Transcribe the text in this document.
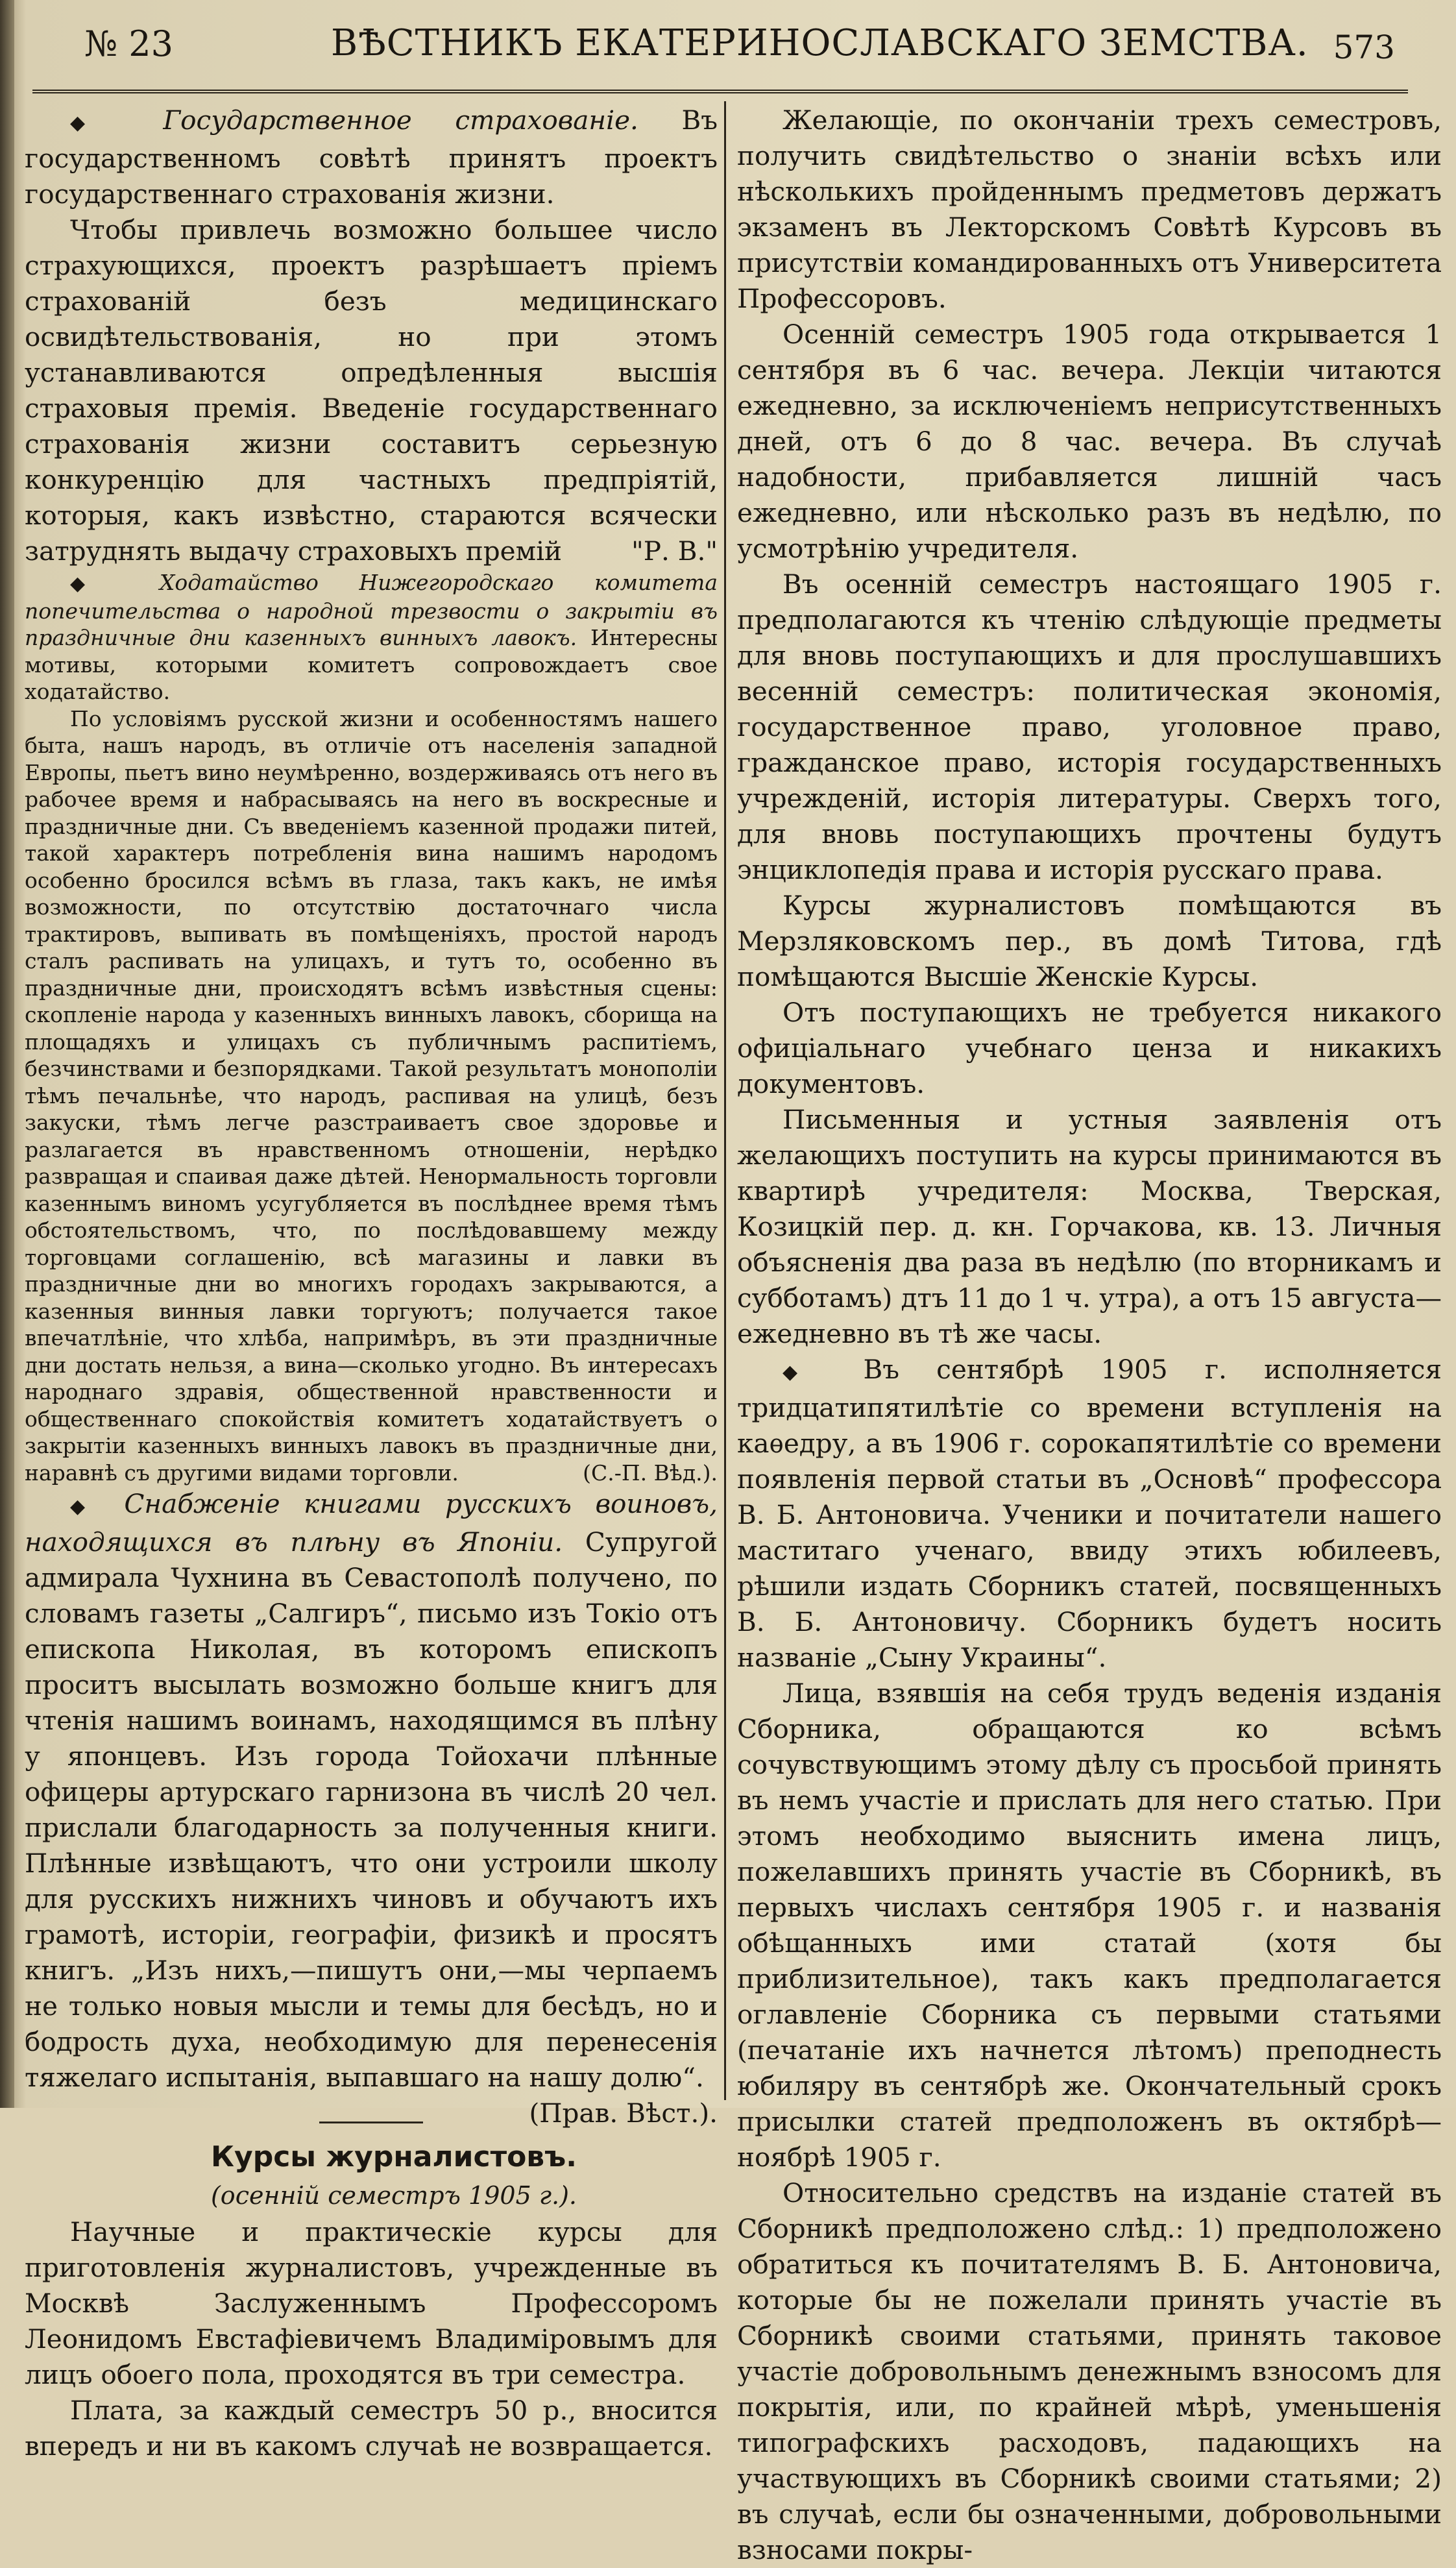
№ 23	ВѢСТНИКЪ ЕКАТЕРИНОСЛАВСКАГО ЗЕМСТВА. 573

◆ Государственное страхованіе. Въ государственномъ совѣтѣ принятъ проектъ государственнаго страхованія жизни.

Чтобы привлечь возможно большее число страхующихся, проектъ разрѣшаетъ пріемъ страхованій безъ медицинскаго освидѣтельствованія, но при этомъ устанавливаются опредѣленныя высшія страховыя премія. Введеніе государственнаго страхованія жизни составитъ серьезную конкуренцію для частныхъ предпріятій, которыя, какъ извѣстно, стараются всячески затруднять выдачу страховыхъ премій	"Р. В."

◆ Ходатайство Нижегородскаго комитета попечительства о народной трезвости о закрытіи въ праздничные дни казенныхъ винныхъ лавокъ. Интересны мотивы, которыми комитетъ сопровождаетъ свое ходатайство.

По условіямъ русской жизни и особенностямъ нашего быта, нашъ народъ, въ отличіе отъ населенія западной Европы, пьетъ вино неумѣренно, воздерживаясь отъ него въ рабочее время и набрасываясь на него въ воскресные и праздничные дни. Съ введеніемъ казенной продажи питей, такой характеръ потребленія вина нашимъ народомъ особенно бросился всѣмъ въ глаза, такъ какъ, не имѣя возможности, по отсутствію достаточнаго числа трактировъ, выпивать въ помѣщеніяхъ, простой народъ сталъ распивать на улицахъ, и тутъ то, особенно въ праздничные дни, происходятъ всѣмъ извѣстныя сцены: скопленіе народа у казенныхъ винныхъ лавокъ, сборища на площадяхъ и улицахъ съ публичнымъ распитіемъ, безчинствами и безпорядками. Такой результатъ монополіи тѣмъ печальнѣе, что народъ, распивая на улицѣ, безъ закуски, тѣмъ легче разстраиваетъ свое здоровье и разлагается въ нравственномъ отношеніи, нерѣдко развращая и спаивая даже дѣтей. Ненормальность торговли казеннымъ виномъ усугубляется въ послѣднее время тѣмъ обстоятельствомъ, что, по послѣдовавшему между торговцами соглашенію, всѣ магазины и лавки въ праздничные дни во многихъ городахъ закрываются, а казенныя винныя лавки торгуютъ; получается такое впечатлѣніе, что хлѣба, напримѣръ, въ эти праздничные дни достать нельзя, а вина—сколько угодно. Въ интересахъ народнаго здравія, общественной нравственности и общественнаго спокойствія комитетъ ходатайствуетъ о закрытіи казенныхъ винныхъ лавокъ въ праздничные дни, наравнѣ съ другими видами торговли.	(С.-П. Вѣд.).

◆ Снабженіе книгами русскихъ воиновъ, находящихся въ плѣну въ Японіи. Супругой адмирала Чухнина въ Севастополѣ получено, по словамъ газеты „Салгиръ“, письмо изъ Токіо отъ епископа Николая, въ которомъ епископъ проситъ высылать возможно больше книгъ для чтенія нашимъ воинамъ, находящимся въ плѣну у японцевъ. Изъ города Тойохачи плѣнные офицеры артурскаго гарнизона въ числѣ 20 чел. прислали благодарность за полученныя книги. Плѣнные извѣщаютъ, что они устроили школу для русскихъ нижнихъ чиновъ и обучаютъ ихъ грамотѣ, исторіи, географіи, физикѣ и просятъ книгъ. „Изъ нихъ,—пишутъ они,—мы черпаемъ не только новыя мысли и темы для бесѣдъ, но и бодрость духа, необходимую для перенесенія тяжелаго испытанія, выпавшаго на нашу долю“.
(Прав. Вѣст.).

Курсы журналистовъ.

(осенній семестръ 1905 г.).

Научные и практическіе курсы для приготовленія журналистовъ, учрежденные въ Москвѣ Заслуженнымъ Профессоромъ Леонидомъ Евстафіевичемъ Владиміровымъ для лицъ обоего пола, проходятся въ три семестра.

Плата, за каждый семестръ 50 р., вносится впередъ и ни въ какомъ случаѣ не возвращается.

Желающіе, по окончаніи трехъ семестровъ, получить свидѣтельство о знаніи всѣхъ или нѣсколькихъ пройденнымъ предметовъ держатъ экзаменъ въ Лекторскомъ Совѣтѣ Курсовъ въ присутствіи командированныхъ отъ Университета Профессоровъ.

Осенній семестръ 1905 года открывается 1 сентября въ 6 час. вечера. Лекціи читаются ежедневно, за исключеніемъ неприсутственныхъ дней, отъ 6 до 8 час. вечера. Въ случаѣ надобности, прибавляется лишній часъ ежедневно, или нѣсколько разъ въ недѣлю, по усмотрѣнію учредителя.

Въ осенній семестръ настоящаго 1905 г. предполагаются къ чтенію слѣдующіе предметы для вновь поступающихъ и для прослушавшихъ весенній семестръ: политическая экономія, государственное право, уголовное право, гражданское право, исторія государственныхъ учрежденій, исторія литературы. Сверхъ того, для вновь поступающихъ прочтены будутъ энциклопедія права и исторія русскаго права.

Курсы журналистовъ помѣщаются въ Мерзляковскомъ пер., въ домѣ Титова, гдѣ помѣщаются Высшіе Женскіе Курсы.

Отъ поступающихъ не требуется никакого офиціальнаго учебнаго ценза и никакихъ документовъ.

Письменныя и устныя заявленія отъ желающихъ поступить на курсы принимаются въ квартирѣ учредителя: Москва, Тверская, Козицкій пер. д. кн. Горчакова, кв. 13. Личныя объясненія два раза въ недѣлю (по вторникамъ и субботамъ) дтъ 11 до 1 ч. утра), а отъ 15 августа—ежедневно въ тѣ же часы.

◆ Въ сентябрѣ 1905 г. исполняется тридцатипятилѣтіе со времени вступленія на каѳедру, а въ 1906 г. сорокапятилѣтіе со времени появленія первой статьи въ „Основѣ“ профессора В. Б. Антоновича. Ученики и почитатели нашего маститаго ученаго, ввиду этихъ юбилеевъ, рѣшили издать Сборникъ статей, посвященныхъ В. Б. Антоновичу. Сборникъ будетъ носить названіе „Сыну Украины“.

Лица, взявшія на себя трудъ веденія изданія Сборника, обращаются ко всѣмъ сочувствующимъ этому дѣлу съ просьбой принять въ немъ участіе и прислать для него статью. При этомъ необходимо выяснить имена лицъ, пожелавшихъ принять участіе въ Сборникѣ, въ первыхъ числахъ сентября 1905 г. и названія обѣщанныхъ ими статай (хотя бы приблизительное), такъ какъ предполагается оглавленіе Сборника съ первыми статьями (печатаніе ихъ начнется лѣтомъ) преподнесть юбиляру въ сентябрѣ же. Окончательный срокъ присылки статей предположенъ въ октябрѣ—ноябрѣ 1905 г.

Относительно средствъ на изданіе статей въ Сборникѣ предположено слѣд.: 1) предположено обратиться къ почитателямъ В. Б. Антоновича, которые бы не пожелали принять участіе въ Сборникѣ своими статьями, принять таковое участіе добровольнымъ денежнымъ взносомъ для покрытія, или, по крайней мѣрѣ, уменьшенія типографскихъ расходовъ, падающихъ на участвующихъ въ Сборникѣ своими статьями; 2) въ случаѣ, если бы означенными, добровольными взносами покры-
